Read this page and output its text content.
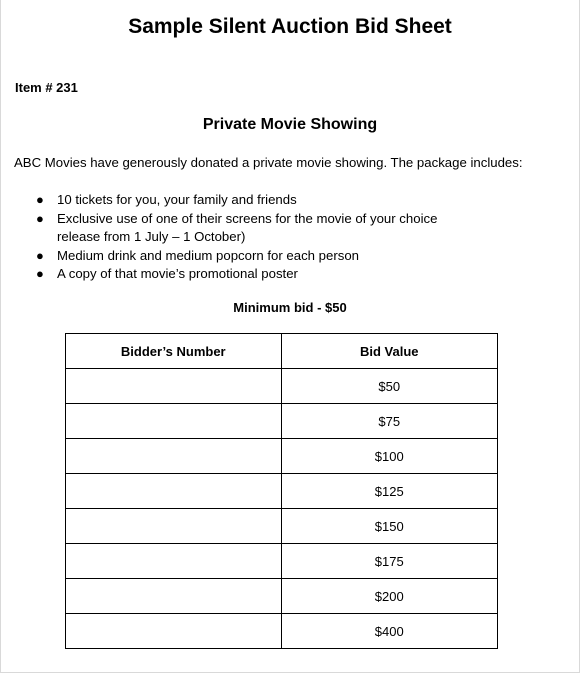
Sample Silent Auction Bid Sheet
Item # 231
Private Movie Showing
ABC Movies have generously donated a private movie showing. The package includes:
● 10 tickets for you, your family and friends
● Exclusive use of one of their screens for the movie of your choice release from 1 July – 1 October)
● Medium drink and medium popcorn for each person
● A copy of that movie’s promotional poster
Minimum bid - $50
Bidder’s Number	Bid Value
	$50
	$75
	$100
	$125
	$150
	$175
	$200
	$400
